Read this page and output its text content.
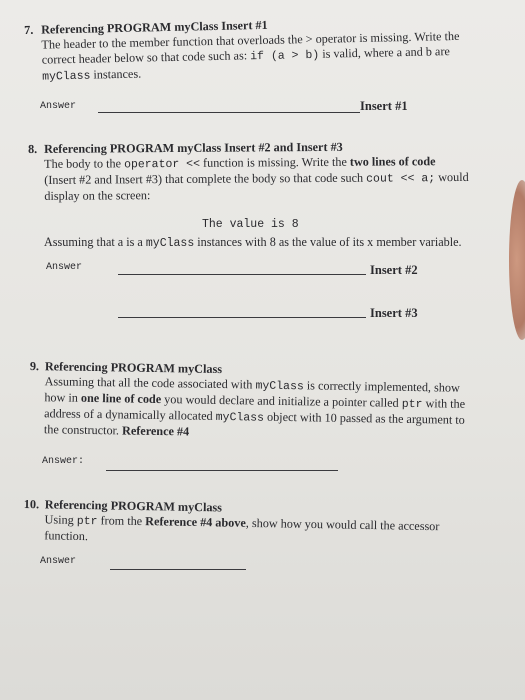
7. Referencing PROGRAM myClass Insert #1
The header to the member function that overloads the > operator is missing. Write the
correct header below so that code such as: if (a > b) is valid, where a and b are
myClass instances.
Answer	Insert #1
8. Referencing PROGRAM myClass Insert #2 and Insert #3
The body to the operator << function is missing. Write the two lines of code
(Insert #2 and Insert #3) that complete the body so that code such cout << a; would
display on the screen:
The value is 8
Assuming that a is a myClass instances with 8 as the value of its x member variable.
Answer	Insert #2
Insert #3
9. Referencing PROGRAM myClass
Assuming that all the code associated with myClass is correctly implemented, show
how in one line of code you would declare and initialize a pointer called ptr with the
address of a dynamically allocated myClass object with 10 passed as the argument to
the constructor. Reference #4
Answer:
10. Referencing PROGRAM myClass
Using ptr from the Reference #4 above, show how you would call the accessor
function.
Answer
